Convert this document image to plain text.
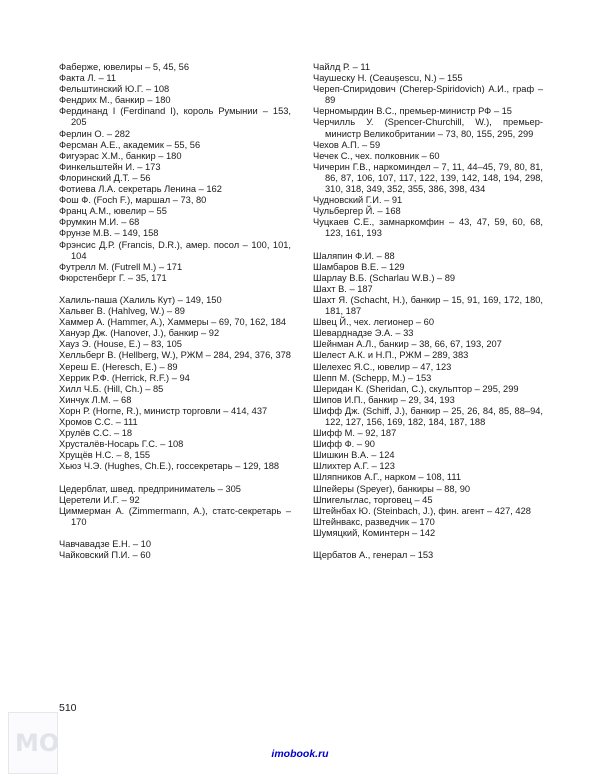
Фаберже, ювелиры – 5, 45, 56
Факта Л. – 11
Фельштинский Ю.Г. – 108
Фендрих М., банкир – 180
Фердинанд I (Ferdinand I), король Румынии – 153, 205
Ферлин О. – 282
Ферсман А.Е., академик – 55, 56
Фигуэрас Х.М., банкир – 180
Финкельштейн И. – 173
Флоринский Д.Т. – 56
Фотиева Л.А. секретарь Ленина – 162
Фош Ф. (Foch F.), маршал – 73, 80
Франц А.М., ювелир – 55
Фрумкин М.И. – 68
Фрунзе М.В. – 149, 158
Фрэнсис Д.Р. (Francis, D.R.), амер. посол – 100, 101, 104
Футрелл М. (Futrell M.) – 171
Фюрстенберг Г. – 35, 171
Халиль-паша (Халиль Кут) – 149, 150
Хальвег В. (Hahlveg, W.) – 89
Хаммер А. (Hammer, A.), Хаммеры – 69, 70, 162, 184
Хануэр Дж. (Hanover, J.), банкир – 92
Хауз Э. (House, E.) – 83, 105
Хелльберг В. (Hellberg, W.), РЖМ – 284, 294, 376, 378
Хереш Е. (Heresch, E.) – 89
Херрик Р.Ф. (Herrick, R.F.) – 94
Хилл Ч.Б. (Hill, Ch.) – 85
Хинчук Л.М. – 68
Хорн Р. (Horne, R.), министр торговли – 414, 437
Хромов С.С. – 111
Хрулёв С.С. – 18
Хрусталёв-Носарь Г.С. – 108
Хрущёв Н.С. – 8, 155
Хьюз Ч.Э. (Hughes, Ch.E.), госсекретарь – 129, 188
Цедерблат, швед. предприниматель – 305
Церетели И.Г. – 92
Циммерман А. (Zimmermann, A.), статс-секретарь – 170
Чавчавадзе Е.Н. – 10
Чайковский П.И. – 60
Чайлд Р. – 11
Чаушеску Н. (Ceaușescu, N.) – 155
Череп-Спиридович (Cherep-Spiridovich) А.И., граф – 89
Черномырдин В.С., премьер-министр РФ – 15
Черчилль У. (Spencer-Churchill, W.), премьер-министр Великобритании – 73, 80, 155, 295, 299
Чехов А.П. – 59
Чечек С., чех. полковник – 60
Чичерин Г.В., наркоминдел – 7, 11, 44–45, 79, 80, 81, 86, 87, 106, 107, 117, 122, 139, 142, 148, 194, 298, 310, 318, 349, 352, 355, 386, 398, 434
Чудновский Г.И. – 91
Чульбергер Й. – 168
Чуцкаев С.Е., замнаркомфин – 43, 47, 59, 60, 68, 123, 161, 193
Шаляпин Ф.И. – 88
Шамбаров В.Е. – 129
Шарлау В.Б. (Scharlau W.B.) – 89
Шахт В. – 187
Шахт Я. (Schacht, H.), банкир – 15, 91, 169, 172, 180, 181, 187
Швец Й., чех. легионер – 60
Шеварднадзе Э.А. – 33
Шейнман А.Л., банкир – 38, 66, 67, 193, 207
Шелест А.К. и Н.П., РЖМ – 289, 383
Шелехес Я.С., ювелир – 47, 123
Шепп М. (Schepp, M.) – 153
Шеридан К. (Sheridan, C.), скульптор – 295, 299
Шипов И.П., банкир – 29, 34, 193
Шифф Дж. (Schiff, J.), банкир – 25, 26, 84, 85, 88–94, 122, 127, 156, 169, 182, 184, 187, 188
Шифф М. – 92, 187
Шифф Ф. – 90
Шишкин В.А. – 124
Шлихтер А.Г. – 123
Шляпников А.Г., нарком – 108, 111
Шпейеры (Speyer), банкиры – 88, 90
Шпигельглас, торговец – 45
Штейнбах Ю. (Steinbach, J.), фин. агент – 427, 428
Штейнвакс, разведчик – 170
Шумяцкий, Коминтерн – 142
Щербатов А., генерал – 153
510
imobook.ru
MO
